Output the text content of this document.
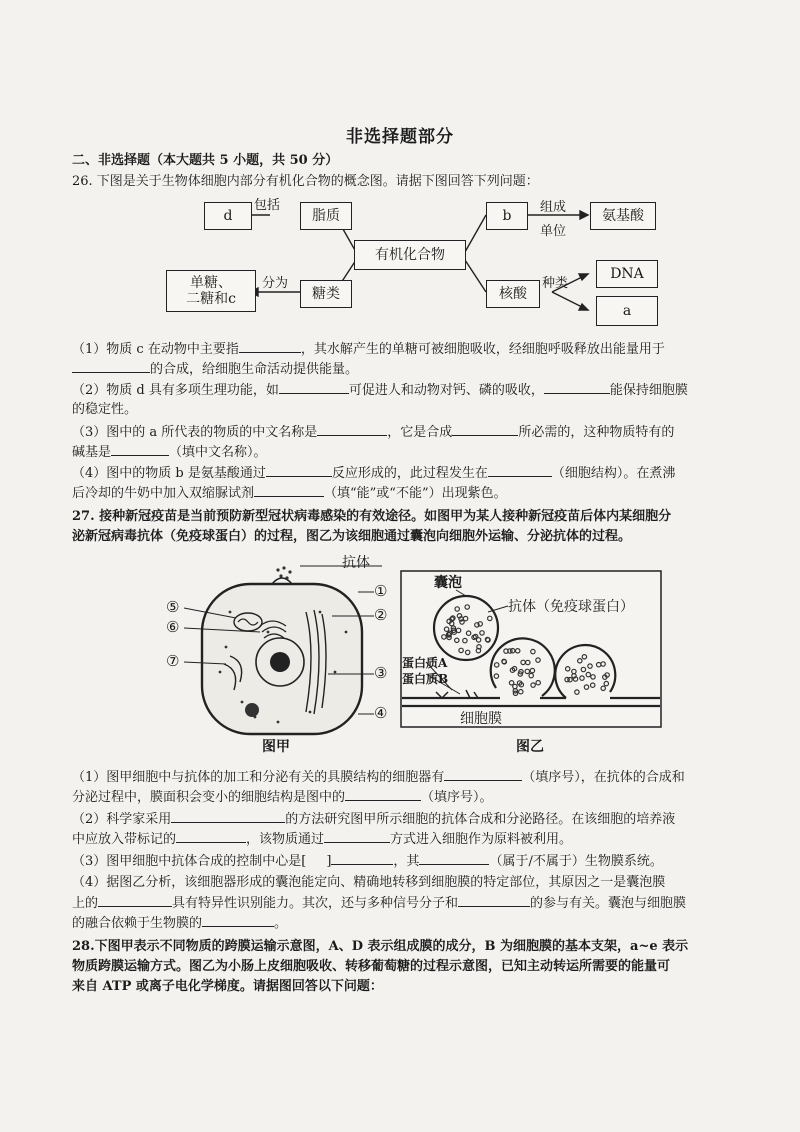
非选择题部分
二、非选择题（本大题共 5 小题，共 50 分）
26. 下图是关于生物体细胞内部分有机化合物的概念图。请据下图回答下列问题：
d
包括
脂质
有机化合物
单糖、
二糖和c
分为
糖类
b
组成
单位
氨基酸
核酸
种类
DNA
a
（1）物质 c 在动物中主要指	，其水解产生的单糖可被细胞吸收，经细胞呼吸释放出能量用于
的合成，给细胞生命活动提供能量。
（2）物质 d 具有多项生理功能，如	可促进人和动物对钙、磷的吸收，	能保持细胞膜
的稳定性。
（3）图中的 a 所代表的物质的中文名称是	，它是合成	所必需的，这种物质特有的
碱基是	（填中文名称）。
（4）图中的物质 b 是氨基酸通过	反应形成的，此过程发生在	（细胞结构）。在煮沸
后冷却的牛奶中加入双缩脲试剂	（填“能”或“不能”）出现紫色。
27. 接种新冠疫苗是当前预防新型冠状病毒感染的有效途径。如图甲为某人接种新冠疫苗后体内某细胞分
泌新冠病毒抗体（免疫球蛋白）的过程，图乙为该细胞通过囊泡向细胞外运输、分泌抗体的过程。
抗体
①
②
③
④
⑤
⑥
⑦
图甲
囊泡
抗体（免疫球蛋白）
蛋白质A
蛋白质B
细胞膜
图乙
（1）图甲细胞中与抗体的加工和分泌有关的具膜结构的细胞器有	（填序号），在抗体的合成和
分泌过程中，膜面积会变小的细胞结构是图中的	（填序号）。
（2）科学家采用	的方法研究图甲所示细胞的抗体合成和分泌路径。在该细胞的培养液
中应放入带标记的	，该物质通过	方式进入细胞作为原料被利用。
（3）图甲细胞中抗体合成的控制中心是[ ]	，其	（属于/不属于）生物膜系统。
（4）据图乙分析，该细胞器形成的囊泡能定向、精确地转移到细胞膜的特定部位，其原因之一是囊泡膜
上的	具有特异性识别能力。其次，还与多种信号分子和	的参与有关。囊泡与细胞膜
的融合依赖于生物膜的	。
28.下图甲表示不同物质的跨膜运输示意图，A、D 表示组成膜的成分，B 为细胞膜的基本支架，a~e 表示
物质跨膜运输方式。图乙为小肠上皮细胞吸收、转移葡萄糖的过程示意图，已知主动转运所需要的能量可
来自 ATP 或离子电化学梯度。请据图回答以下问题：
